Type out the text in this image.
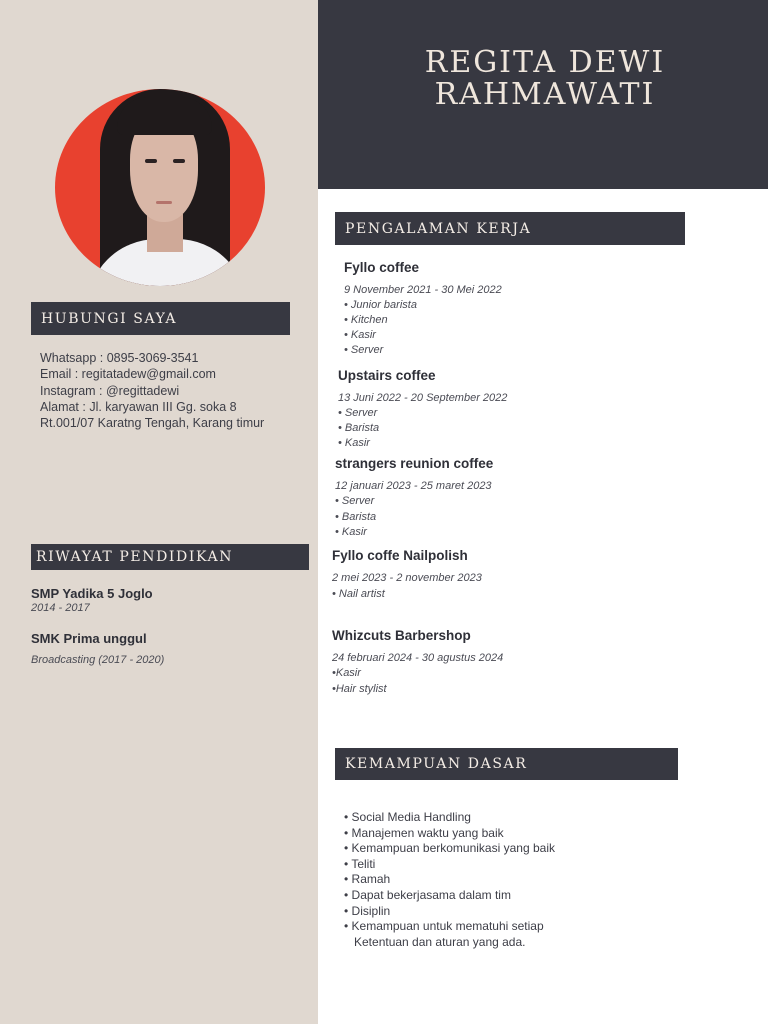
REGITA DEWI
RAHMAWATI
HUBUNGI SAYA
Whatsapp : 0895-3069-3541
Email : regitatadew@gmail.com
Instagram : @regittadewi
Alamat : Jl. karyawan III Gg. soka 8
Rt.001/07 Karatng Tengah, Karang timur
RIWAYAT PENDIDIKAN
SMP Yadika 5 Joglo
2014 - 2017
SMK Prima unggul
Broadcasting (2017 - 2020)
PENGALAMAN KERJA
Fyllo coffee
9 November 2021 - 30 Mei 2022
• Junior barista
• Kitchen
• Kasir
• Server
Upstairs coffee
13 Juni 2022 - 20 September 2022
• Server
• Barista
• Kasir
strangers reunion coffee
12 januari 2023 - 25 maret 2023
• Server
• Barista
• Kasir
Fyllo coffe Nailpolish
2 mei 2023 - 2 november 2023
• Nail artist
Whizcuts Barbershop
24 februari 2024 - 30 agustus 2024
•Kasir
•Hair stylist
KEMAMPUAN DASAR
• Social Media Handling
• Manajemen waktu yang baik
• Kemampuan berkomunikasi yang baik
• Teliti
• Ramah
• Dapat bekerjasama dalam tim
• Disiplin
• Kemampuan untuk mematuhi setiap
Ketentuan dan aturan yang ada.
